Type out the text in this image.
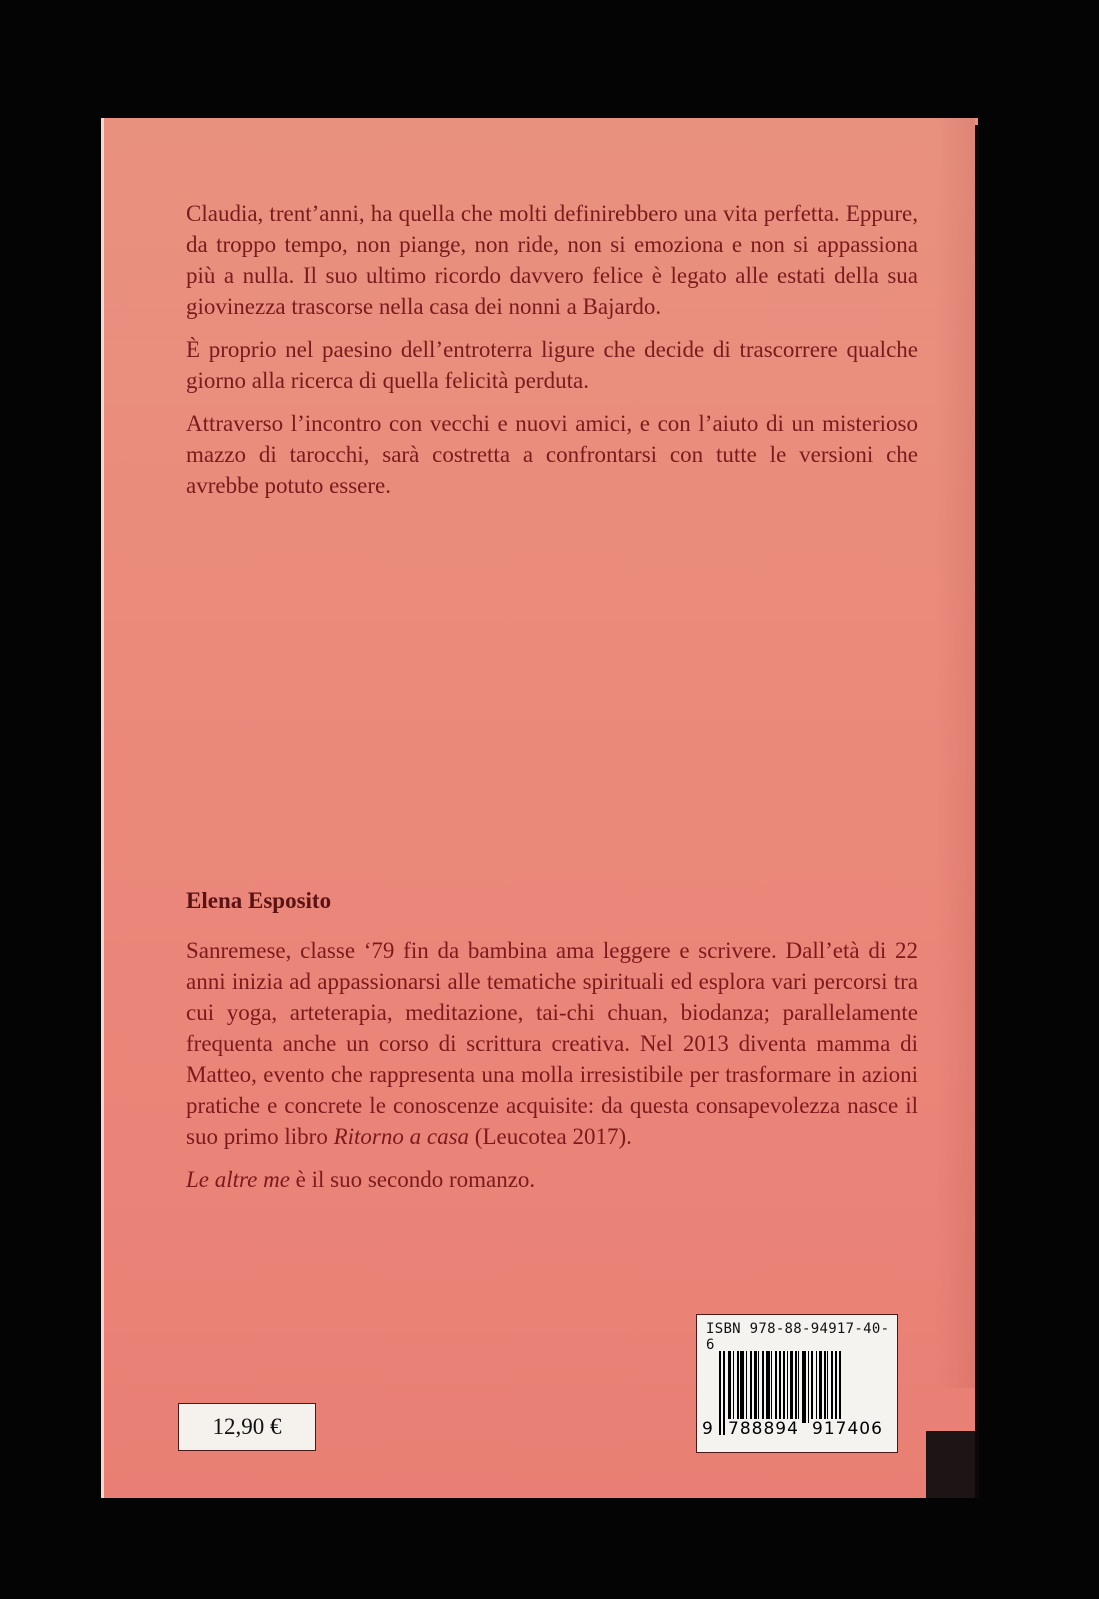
Claudia, trent’anni, ha quella che molti definirebbero una vita perfetta. Eppure, da troppo tempo, non piange, non ride, non si emoziona e non si appassiona più a nulla. Il suo ultimo ricordo davvero felice è legato alle estati della sua giovinezza trascorse nella casa dei nonni a Bajardo.

È proprio nel paesino dell’entroterra ligure che decide di trascorrere qualche giorno alla ricerca di quella felicità perduta.

Attraverso l’incontro con vecchi e nuovi amici, e con l’aiuto di un misterioso mazzo di tarocchi, sarà costretta a confrontarsi con tutte le versioni che avrebbe potuto essere.

Elena Esposito

Sanremese, classe ‘79 fin da bambina ama leggere e scrivere. Dall’età di 22 anni inizia ad appassionarsi alle tematiche spirituali ed esplora vari percorsi tra cui yoga, arteterapia, meditazione, tai-chi chuan, biodanza; parallelamente frequenta anche un corso di scrittura creativa. Nel 2013 diventa mamma di Matteo, evento che rappresenta una molla irresistibile per trasformare in azioni pratiche e concrete le conoscenze acquisite: da questa consapevolezza nasce il suo primo libro Ritorno a casa (Leucotea 2017).

Le altre me è il suo secondo romanzo.

12,90 €
ISBN 978-88-94917-40-6
9 788894 917406
